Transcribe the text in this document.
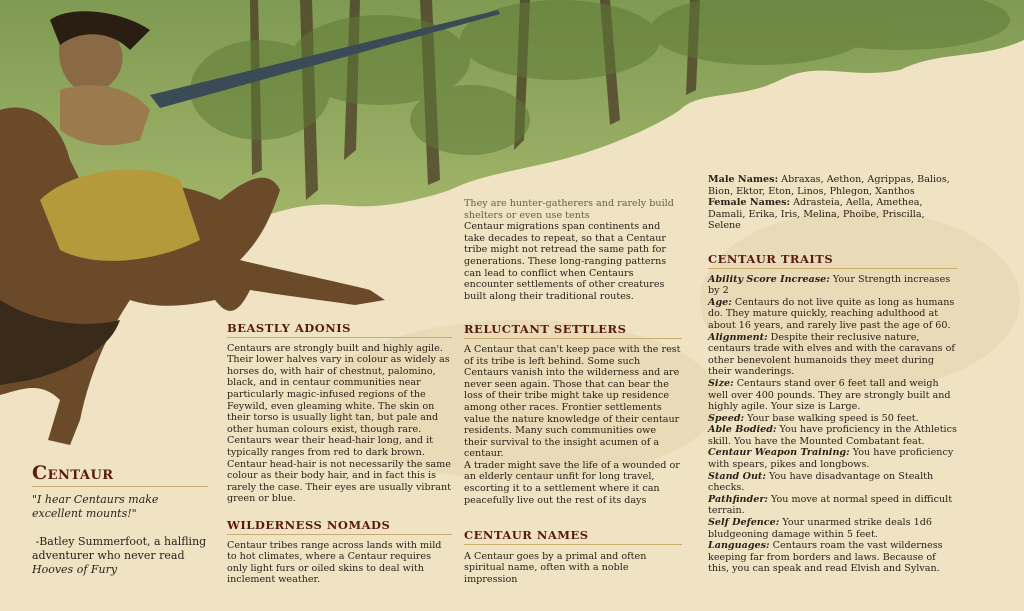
Centaur
"I hear Centaurs make excellent mounts!"

-Batley Summerfoot, a halfling adventurer who never read Hooves of Fury
BEASTLY ADONIS

Centaurs are strongly built and highly agile. Their lower halves vary in colour as widely as horses do, with hair of chestnut, palomino, black, and in centaur communities near particularly magic-infused regions of the Feywild, even gleaming white. The skin on their torso is usually light tan, but pale and other human colours exist, though rare. Centaurs wear their head-hair long, and it typically ranges from red to dark brown. Centaur head-hair is not necessarily the same colour as their body hair, and in fact this is rarely the case. Their eyes are usually vibrant green or blue.

WILDERNESS NOMADS

Centaur tribes range across lands with mild to hot climates, where a Centaur requires only light furs or oiled skins to deal with inclement weather.

They are hunter-gatherers and rarely build shelters or even use tents

Centaur migrations span continents and take decades to repeat, so that a Centaur tribe might not retread the same path for generations. These long-ranging patterns can lead to conflict when Centaurs encounter settlements of other creatures built along their traditional routes.

RELUCTANT SETTLERS

A Centaur that can't keep pace with the rest of its tribe is left behind. Some such Centaurs vanish into the wilderness and are never seen again. Those that can bear the loss of their tribe might take up residence among other races. Frontier settlements value the nature knowledge of their centaur residents. Many such communities owe their survival to the insight acumen of a centaur.

A trader might save the life of a wounded or an elderly centaur unfit for long travel, escorting it to a settlement where it can peacefully live out the rest of its days

CENTAUR NAMES

A Centaur goes by a primal and often spiritual name, often with a noble impression

Male Names: Abraxas, Aethon, Agrippas, Balios, Bion, Ektor, Eton, Linos, Phlegon, Xanthos

Female Names: Adrasteia, Aella, Amethea, Damali, Erika, Iris, Melina, Phoibe, Priscilla, Selene

CENTAUR TRAITS

Ability Score Increase: Your Strength increases by 2

Age: Centaurs do not live quite as long as humans do. They mature quickly, reaching adulthood at about 16 years, and rarely live past the age of 60.

Alignment: Despite their reclusive nature, centaurs trade with elves and with the caravans of other benevolent humanoids they meet during their wanderings.

Size: Centaurs stand over 6 feet tall and weigh well over 400 pounds. They are strongly built and highly agile. Your size is Large.

Speed: Your base walking speed is 50 feet.

Able Bodied: You have proficiency in the Athletics skill. You have the Mounted Combatant feat.

Centaur Weapon Training: You have proficiency with spears, pikes and longbows.

Stand Out: You have disadvantage on Stealth checks.

Pathfinder: You move at normal speed in difficult terrain.

Self Defence: Your unarmed strike deals 1d6 bludgeoning damage within 5 feet.

Languages: Centaurs roam the vast wilderness keeping far from borders and laws. Because of this, you can speak and read Elvish and Sylvan.
